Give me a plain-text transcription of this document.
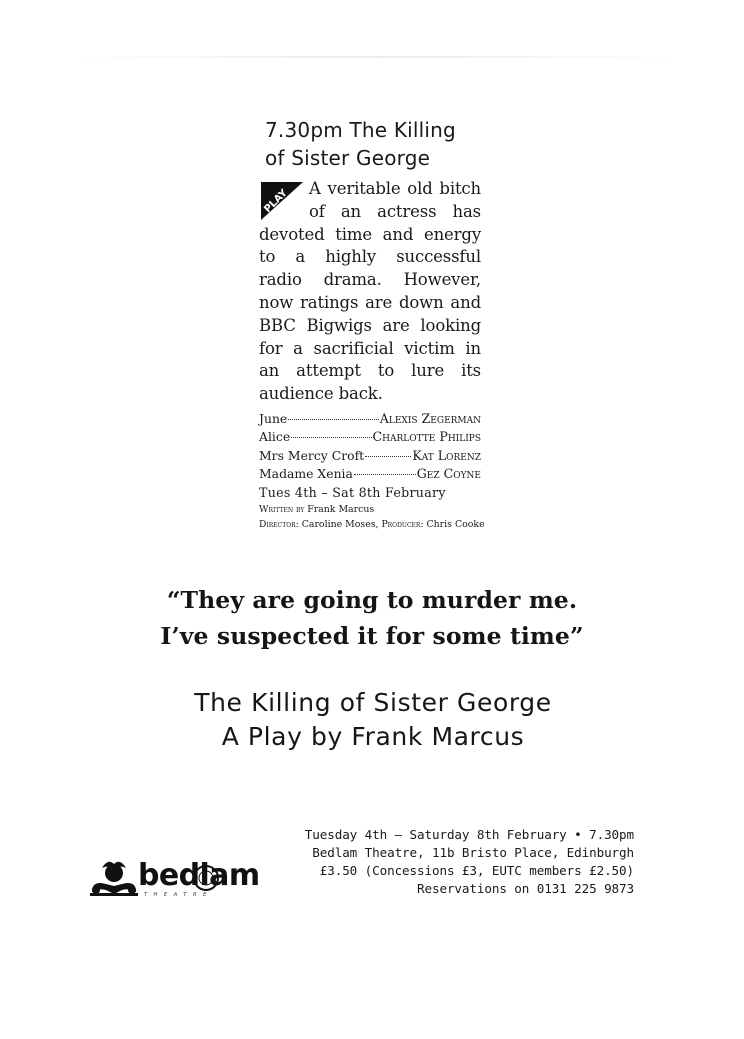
7.30pm The Killing of Sister George
PLAY	A veritable old bitch of an actress has devoted time and energy to a highly successful radio drama. However, now ratings are down and BBC Bigwigs are looking for a sacrificial victim in an attempt to lure its audience back.

June	Alexis Zegerman
Alice	Charlotte Philips
Mrs Mercy Croft	Kat Lorenz
Madame Xenia	Gez Coyne
Tues 4th – Sat 8th February
Written by Frank Marcus
Director: Caroline Moses, Producer: Chris Cooke
“They are going to murder me.
I’ve suspected it for some time”
The Killing of Sister George
A Play by Frank Marcus
Tuesday 4th – Saturday 8th February • 7.30pm
Bedlam Theatre, 11b Bristo Place, Edinburgh
£3.50 (Concessions £3, EUTC members £2.50)
Reservations on 0131 225 9873
bedlam
THEATRE
